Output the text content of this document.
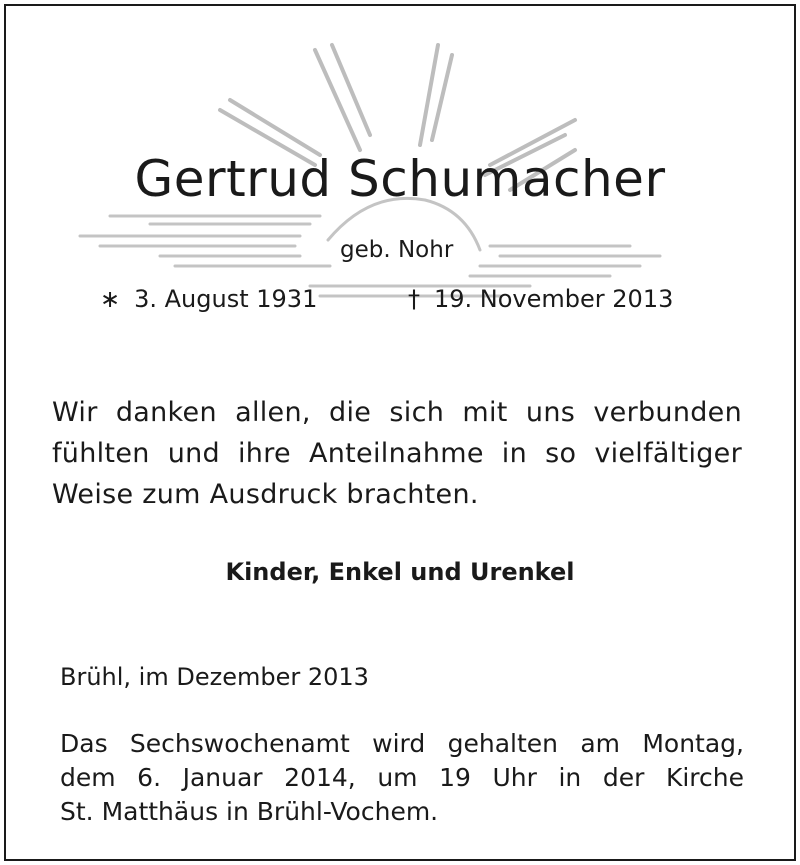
Gertrud Schumacher
geb. Nohr
∗ 3. August 1931	† 19. November 2013
Wir danken allen, die sich mit uns verbunden
fühlten und ihre Anteilnahme in so vielfältiger
Weise zum Ausdruck brachten.
Kinder, Enkel und Urenkel
Brühl, im Dezember 2013
Das Sechswochenamt wird gehalten am Montag,
dem 6. Januar 2014, um 19 Uhr in der Kirche
St. Matthäus in Brühl-Vochem.
